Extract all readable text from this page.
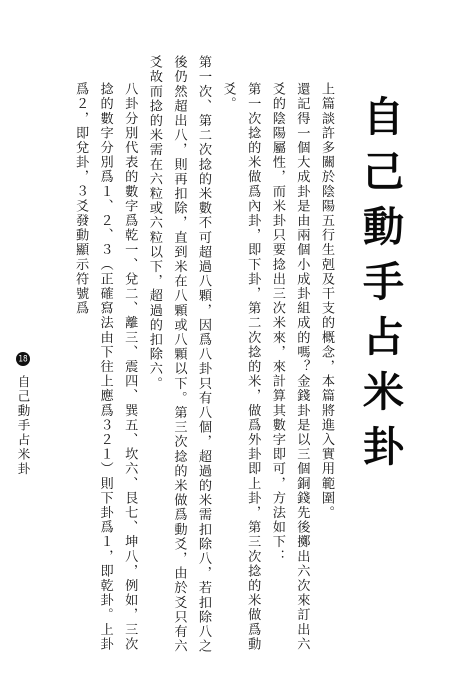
自己動手占米卦

上篇談許多關於陰陽五行生剋及干支的概念，本篇將進入實用範圍。

還記得一個大成卦是由兩個小成卦組成的嗎？金錢卦是以三個銅錢先後擲出六次來訂出六爻的陰陽屬性，而米卦只要捻出三次米來，來計算其數字即可，方法如下：

第一次捻的米做爲內卦，即下卦，第二次捻的米，做爲外卦即上卦，第三次捻的米做爲動爻。

第一次、第二次捻的米數不可超過八顆，因爲八卦只有八個，超過的米需扣除八，若扣除八之後仍然超出八，則再扣除，直到米在八顆或八顆以下。第三次捻的米做爲動爻，由於爻只有六爻故而捻的米需在六粒或六粒以下，超過的扣除六。

八卦分別代表的數字爲乾一、兌二、離三、震四、巽五、坎六、艮七、坤八，例如，三次捻的數字分別爲１、２、３（正確寫法由下往上應爲３２１）則下卦爲１，即乾卦。上卦爲２，即兌卦，３爻發動顯示符號爲

18 自己動手占米卦
